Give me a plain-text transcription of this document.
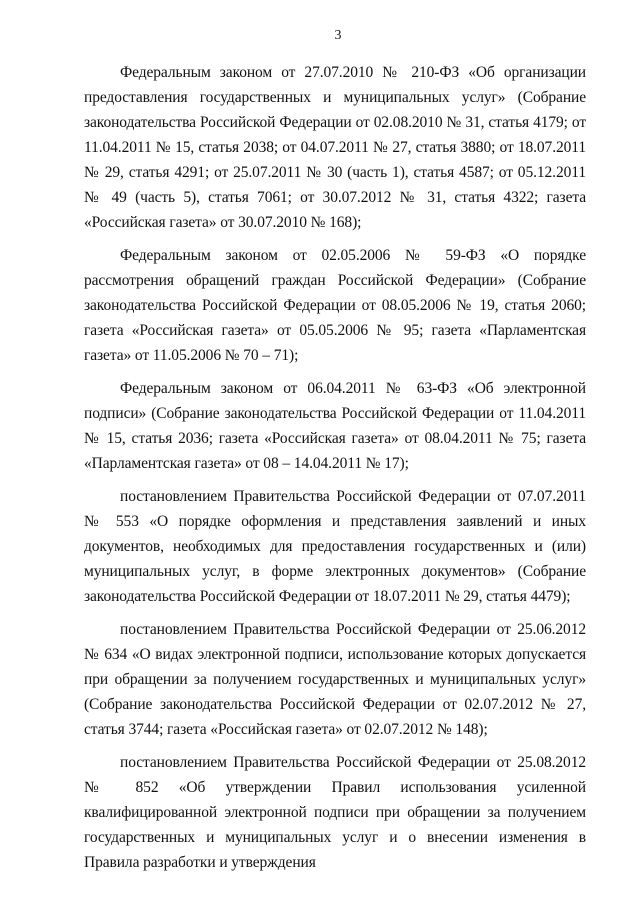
3

Федеральным законом от 27.07.2010 № 210-ФЗ «Об организации предоставления государственных и муниципальных услуг» (Собрание законодательства Российской Федерации от 02.08.2010 № 31, статья 4179; от 11.04.2011 № 15, статья 2038; от 04.07.2011 № 27, статья 3880; от 18.07.2011 № 29, статья 4291; от 25.07.2011 № 30 (часть 1), статья 4587; от 05.12.2011 № 49 (часть 5), статья 7061; от 30.07.2012 № 31, статья 4322; газета «Российская газета» от 30.07.2010 № 168);

Федеральным законом от 02.05.2006 № 59-ФЗ «О порядке рассмотрения обращений граждан Российской Федерации» (Собрание законодательства Российской Федерации от 08.05.2006 № 19, статья 2060; газета «Российская газета» от 05.05.2006 № 95; газета «Парламентская газета» от 11.05.2006 № 70 – 71);

Федеральным законом от 06.04.2011 № 63-ФЗ «Об электронной подписи» (Собрание законодательства Российской Федерации от 11.04.2011 № 15, статья 2036; газета «Российская газета» от 08.04.2011 № 75; газета «Парламентская газета» от 08 – 14.04.2011 № 17);

постановлением Правительства Российской Федерации от 07.07.2011 № 553 «О порядке оформления и представления заявлений и иных документов, необходимых для предоставления государственных и (или) муниципальных услуг, в форме электронных документов» (Собрание законодательства Российской Федерации от 18.07.2011 № 29, статья 4479);

постановлением Правительства Российской Федерации от 25.06.2012 № 634 «О видах электронной подписи, использование которых допускается при обращении за получением государственных и муниципальных услуг» (Собрание законодательства Российской Федерации от 02.07.2012 № 27, статья 3744; газета «Российская газета» от 02.07.2012 № 148);

постановлением Правительства Российской Федерации от 25.08.2012 № 852 «Об утверждении Правил использования усиленной квалифицированной электронной подписи при обращении за получением государственных и муниципальных услуг и о внесении изменения в Правила разработки и утверждения
